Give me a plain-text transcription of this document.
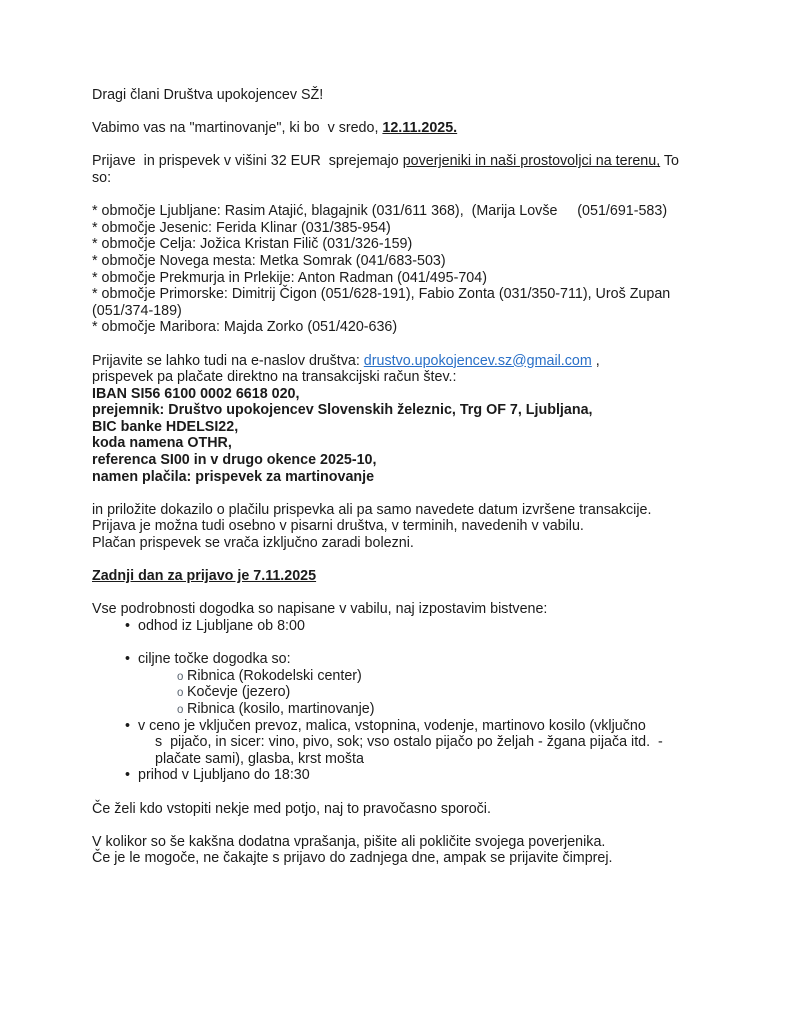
Dragi člani Društva upokojencev SŽ!

Vabimo vas na "martinovanje", ki bo  v sredo, 12.11.2025.

Prijave  in prispevek v višini 32 EUR  sprejemajo poverjeniki in naši prostovoljci na terenu, To
so:

* območje Ljubljane: Rasim Atajić, blagajnik (031/611 368),  (Marija Lovše     (051/691-583)
* območje Jesenic: Ferida Klinar (031/385-954)
* območje Celja: Jožica Kristan Filič (031/326-159)
* območje Novega mesta: Metka Somrak (041/683-503)
* območje Prekmurja in Prlekije: Anton Radman (041/495-704)
* območje Primorske: Dimitrij Čigon (051/628-191), Fabio Zonta (031/350-711), Uroš Zupan
(051/374-189)
* območje Maribora: Majda Zorko (051/420-636)

Prijavite se lahko tudi na e-naslov društva: drustvo.upokojencev.sz@gmail.com ,
prispevek pa plačate direktno na transakcijski račun štev.:
IBAN SI56 6100 0002 6618 020,
prejemnik: Društvo upokojencev Slovenskih železnic, Trg OF 7, Ljubljana,
BIC banke HDELSI22,
koda namena OTHR,
referenca SI00 in v drugo okence 2025-10,
namen plačila: prispevek za martinovanje

in priložite dokazilo o plačilu prispevka ali pa samo navedete datum izvršene transakcije.
Prijava je možna tudi osebno v pisarni društva, v terminih, navedenih v vabilu.
Plačan prispevek se vrača izključno zaradi bolezni.

Zadnji dan za prijavo je 7.11.2025

Vse podrobnosti dogodka so napisane v vabilu, naj izpostavim bistvene:
• odhod iz Ljubljane ob 8:00

• ciljne točke dogodka so:
o Ribnica (Rokodelski center)
o Kočevje (jezero)
o Ribnica (kosilo, martinovanje)
• v ceno je vključen prevoz, malica, vstopnina, vodenje, martinovo kosilo (vključno
s  pijačo, in sicer: vino, pivo, sok; vso ostalo pijačo po željah - žgana pijača itd.  -
plačate sami), glasba, krst mošta
• prihod v Ljubljano do 18:30

Če želi kdo vstopiti nekje med potjo, naj to pravočasno sporoči.

V kolikor so še kakšna dodatna vprašanja, pišite ali pokličite svojega poverjenika.
Če je le mogoče, ne čakajte s prijavo do zadnjega dne, ampak se prijavite čimprej.
